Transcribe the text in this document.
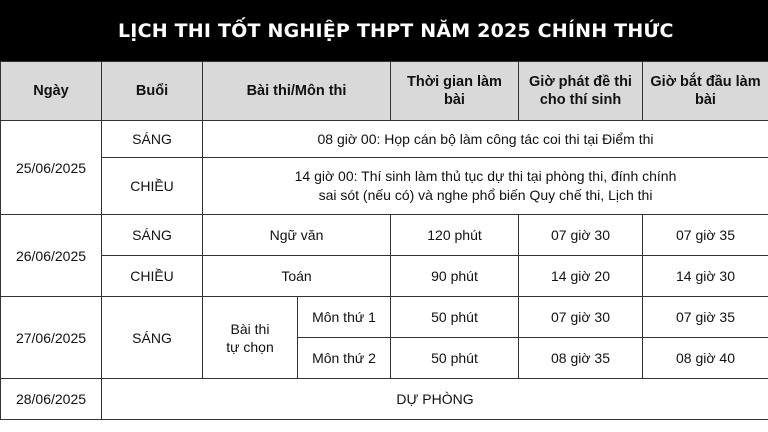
LỊCH THI TỐT NGHIỆP THPT NĂM 2025 CHÍNH THỨC
Ngày	Buổi	Bài thi/Môn thi		Thời gian làm bài	Giờ phát đề thi cho thí sinh	Giờ bắt đầu làm bài
25/06/2025	SÁNG	08 giờ 00: Họp cán bộ làm công tác coi thi tại Điểm thi				
	CHIỀU	14 giờ 00: Thí sinh làm thủ tục dự thi tại phòng thi, đính chính
sai sót (nếu có) và nghe phổ biến Quy chế thi, Lịch thi				

26/06/2025	SÁNG	Ngữ văn		120 phút	07 giờ 30	07 giờ 35
	CHIỀU	Toán		90 phút	14 giờ 20	14 giờ 30
27/06/2025	SÁNG	Bài thi
tự chọn	Môn thứ 1	50 phút	07 giờ 30	07 giờ 35
			Môn thứ 2	50 phút	08 giờ 35	08 giờ 40
28/06/2025	DỰ PHÒNG					
